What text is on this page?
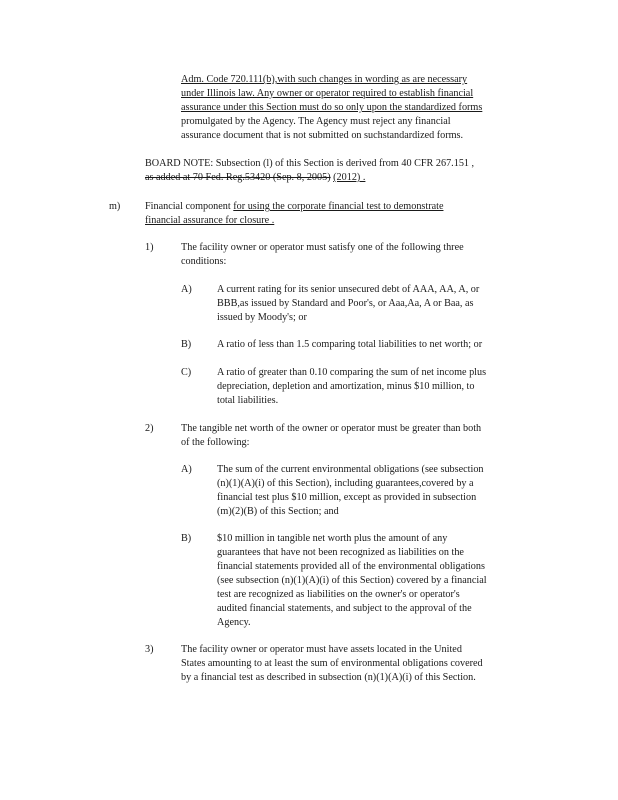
Adm. Code 720.111(b),with such changes in wording as are necessary
under Illinois law. Any owner or operator required to establish financial
assurance under this Section must do so only upon the standardized forms
promulgated by the Agency. The Agency must reject any financial
assurance document that is not submitted on suchstandardized forms.

BOARD NOTE: Subsection (l) of this Section is derived from 40 CFR 267.151 ,
as added at 70 Fed. Reg.53420 (Sep. 8, 2005) (2012) .

m) Financial component for using the corporate financial test to demonstrate
financial assurance for closure .

1)	The facility owner or operator must satisfy one of the following three
conditions:

A) A current rating for its senior unsecured debt of AAA, AA, A, or
BBB,as issued by Standard and Poor's, or Aaa,Aa, A or Baa, as
issued by Moody's; or

B)	A ratio of less than 1.5 comparing total liabilities to net worth; or

C)	A ratio of greater than 0.10 comparing the sum of net income plus
depreciation, depletion and amortization, minus $10 million, to
total liabilities.

2)	The tangible net worth of the owner or operator must be greater than both
of the following:

A) The sum of the current environmental obligations (see subsection
(n)(1)(A)(i) of this Section), including guarantees,covered by a
financial test plus $10 million, except as provided in subsection
(m)(2)(B) of this Section; and

B)	$10 million in tangible net worth plus the amount of any
guarantees that have not been recognized as liabilities on the
financial statements provided all of the environmental obligations
(see subsection (n)(1)(A)(i) of this Section) covered by a financial
test are recognized as liabilities on the owner's or operator's
audited financial statements, and subject to the approval of the
Agency.

3)	The facility owner or operator must have assets located in the United
States amounting to at least the sum of environmental obligations covered
by a financial test as described in subsection (n)(1)(A)(i) of this Section.
